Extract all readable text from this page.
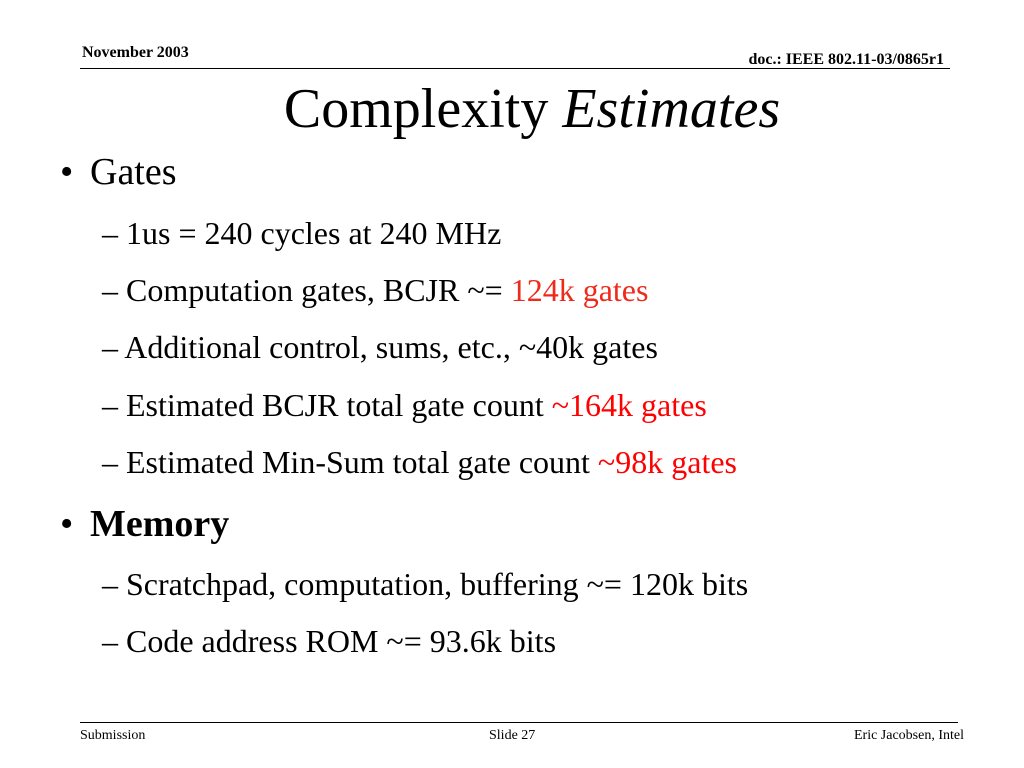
November 2003	doc.: IEEE 802.11-03/0865r1
Complexity Estimates
• Gates
– 1us = 240 cycles at 240 MHz
– Computation gates, BCJR ~= 124k gates
– Additional control, sums, etc., ~40k gates
– Estimated BCJR total gate count ~164k gates
– Estimated Min-Sum total gate count ~98k gates
• Memory
– Scratchpad, computation, buffering ~= 120k bits
– Code address ROM ~= 93.6k bits
Submission	Slide 27	Eric Jacobsen, Intel
